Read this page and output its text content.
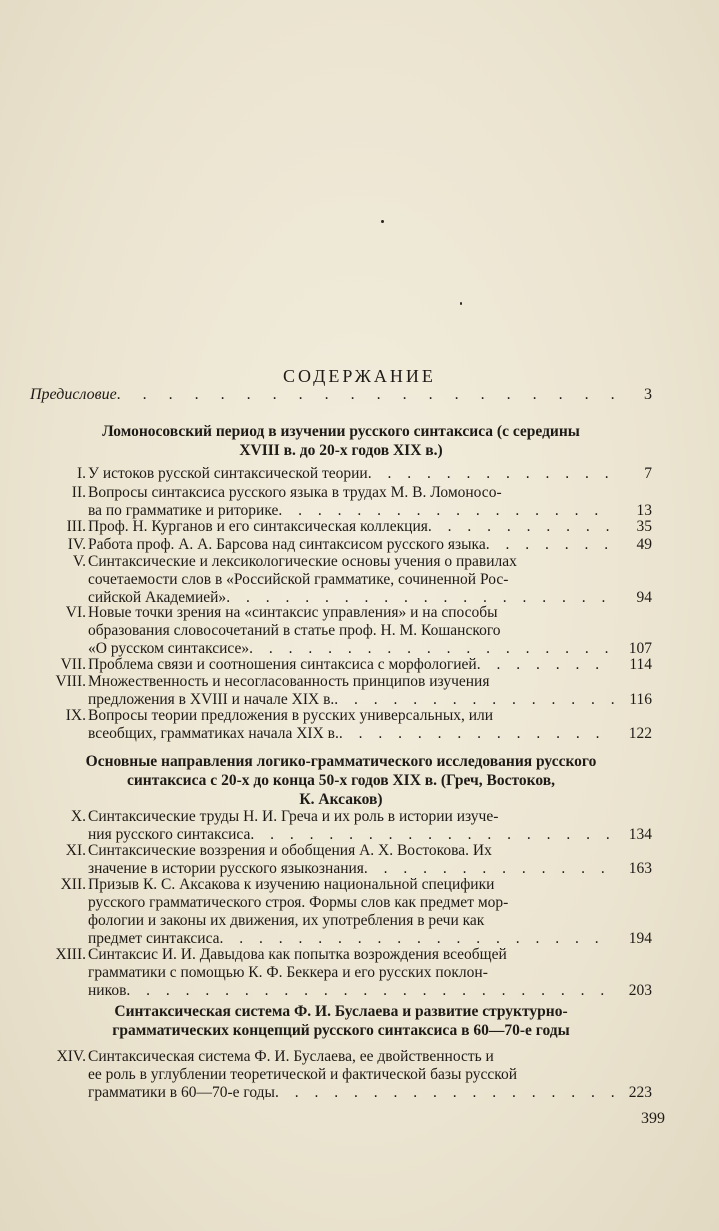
СОДЕРЖАНИЕ
Предисловие . . .	3
Ломоносовский период в изучении русского синтаксиса (с середины
XVIII в. до 20-х годов XIX в.)
I. У истоков русской синтаксической теории . . .	7
II. Вопросы синтаксиса русского языка в трудах М. В. Ломоносо-
ва по грамматике и риторике . . .	13
III. Проф. Н. Курганов и его синтаксическая коллекция . . .	35
IV. Работа проф. А. А. Барсова над синтаксисом русского языка . . .	49
V. Синтаксические и лексикологические основы учения о правилах
сочетаемости слов в «Российской грамматике, сочиненной Рос-
сийской Академией» . . .	94
VI. Новые точки зрения на «синтаксис управления» и на способы
образования словосочетаний в статье проф. Н. М. Кошанского
«О русском синтаксисе» . . .	107
VII. Проблема связи и соотношения синтаксиса с морфологией . . .	114
VIII. Множественность и несогласованность принципов изучения
предложения в XVIII и начале XIX в. . . .	116
IX. Вопросы теории предложения в русских универсальных, или
всеобщих, грамматиках начала XIX в. . . .	122
Основные направления логико-грамматического исследования русского
синтаксиса с 20-х до конца 50-х годов XIX в. (Греч, Востоков,
К. Аксаков)
X. Синтаксические труды Н. И. Греча и их роль в истории изуче-
ния русского синтаксиса . . .	134
XI. Синтаксические воззрения и обобщения А. Х. Востокова. Их
значение в истории русского языкознания . . .	163
XII. Призыв К. С. Аксакова к изучению национальной специфики
русского грамматического строя. Формы слов как предмет мор-
фологии и законы их движения, их употребления в речи как
предмет синтаксиса . . .	194
XIII. Синтаксис И. И. Давыдова как попытка возрождения всеобщей
грамматики с помощью К. Ф. Беккера и его русских поклон-
ников . . .	203
Синтаксическая система Ф. И. Буслаева и развитие структурно-
грамматических концепций русского синтаксиса в 60—70-е годы
XIV. Синтаксическая система Ф. И. Буслаева, ее двойственность и
ее роль в углублении теоретической и фактической базы русской
грамматики в 60—70-е годы . . .	223
399
